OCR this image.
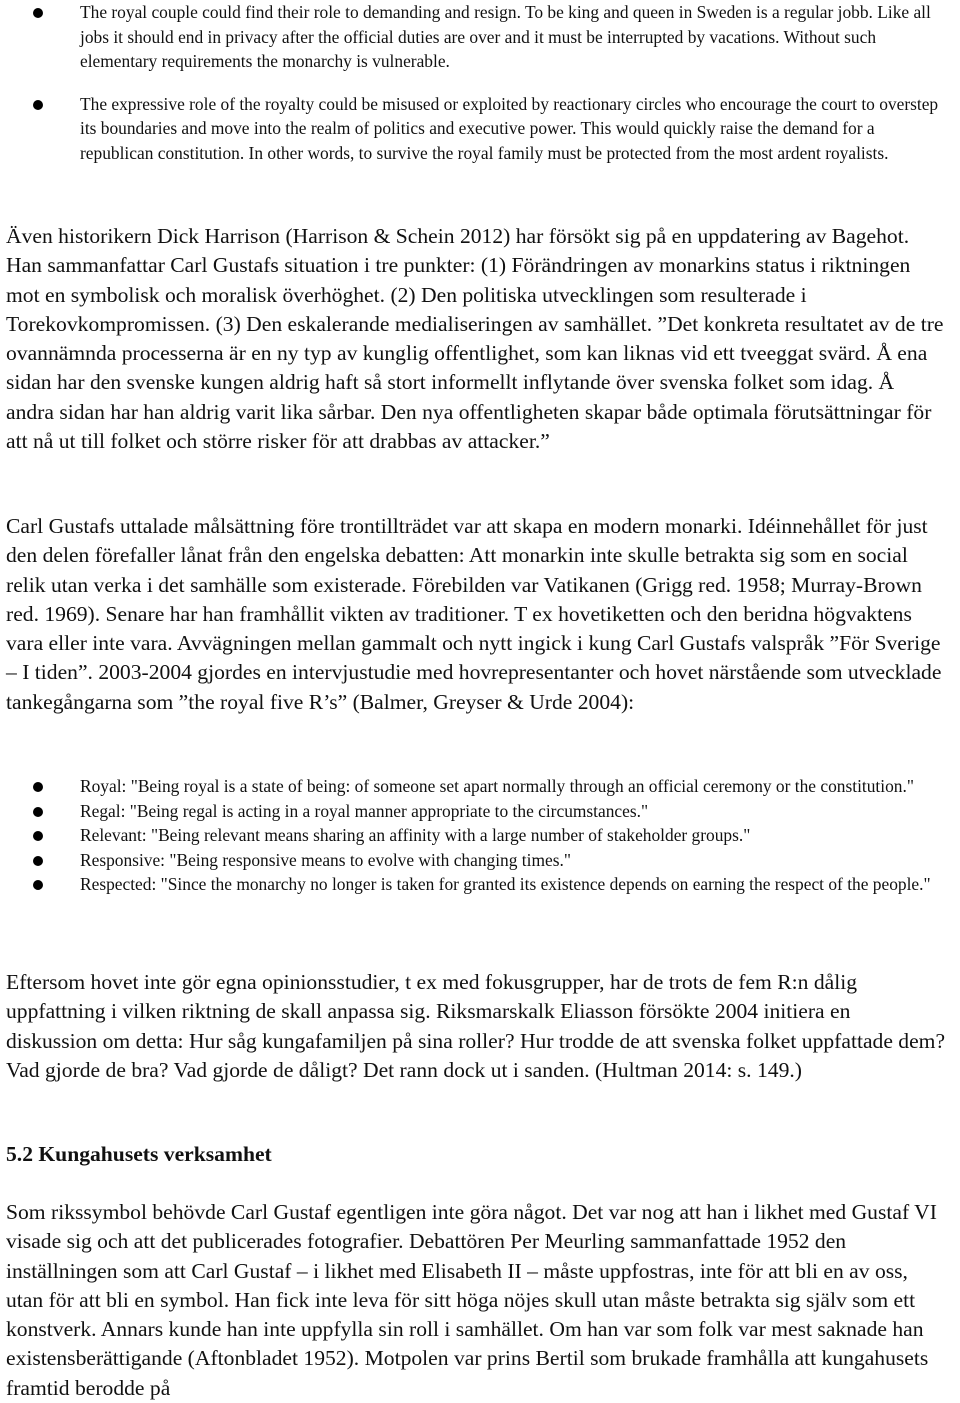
The royal couple could find their role to demanding and resign. To be king and queen in Sweden is a regular jobb. Like all jobs it should end in privacy after the official duties are over and it must be interrupted by vacations. Without such elementary requirements the monarchy is vulnerable.
The expressive role of the royalty could be misused or exploited by reactionary circles who encourage the court to overstep its boundaries and move into the realm of politics and executive power. This would quickly raise the demand for a republican constitution. In other words, to survive the royal family must be protected from the most ardent royalists.

Även historikern Dick Harrison (Harrison & Schein 2012) har försökt sig på en uppdatering av Bagehot. Han sammanfattar Carl Gustafs situation i tre punkter: (1) Förändringen av monarkins status i riktningen mot en symbolisk och moralisk överhöghet. (2) Den politiska utvecklingen som resulterade i Torekovkompromissen. (3) Den eskalerande medialiseringen av samhället. ”Det konkreta resultatet av de tre ovannämnda processerna är en ny typ av kunglig offentlighet, som kan liknas vid ett tveeggat svärd. Å ena sidan har den svenske kungen aldrig haft så stort informellt inflytande över svenska folket som idag. Å andra sidan har han aldrig varit lika sårbar. Den nya offentligheten skapar både optimala förutsättningar för att nå ut till folket och större risker för att drabbas av attacker.”

Carl Gustafs uttalade målsättning före trontillträdet var att skapa en modern monarki. Idéinnehållet för just den delen förefaller lånat från den engelska debatten: Att monarkin inte skulle betrakta sig som en social relik utan verka i det samhälle som existerade. Förebilden var Vatikanen (Grigg red. 1958; Murray-Brown red. 1969). Senare har han framhållit vikten av traditioner. T ex hovetiketten och den beridna högvaktens vara eller inte vara. Avvägningen mellan gammalt och nytt ingick i kung Carl Gustafs valspråk ”För Sverige – I tiden”. 2003-2004 gjordes en intervjustudie med hovrepresentanter och hovet närstående som utvecklade tankegångarna som ”the royal five R’s” (Balmer, Greyser & Urde 2004):

Royal: "Being royal is a state of being: of someone set apart normally through an official ceremony or the constitution."
Regal: "Being regal is acting in a royal manner appropriate to the circumstances."
Relevant: "Being relevant means sharing an affinity with a large number of stakeholder groups."
Responsive: "Being responsive means to evolve with changing times."
Respected: "Since the monarchy no longer is taken for granted its existence depends on earning the respect of the people."

Eftersom hovet inte gör egna opinionsstudier, t ex med fokusgrupper, har de trots de fem R:n dålig uppfattning i vilken riktning de skall anpassa sig. Riksmarskalk Eliasson försökte 2004 initiera en diskussion om detta: Hur såg kungafamiljen på sina roller? Hur trodde de att svenska folket uppfattade dem? Vad gjorde de bra? Vad gjorde de dåligt? Det rann dock ut i sanden. (Hultman 2014: s. 149.)

5.2 Kungahusets verksamhet

Som rikssymbol behövde Carl Gustaf egentligen inte göra något. Det var nog att han i likhet med Gustaf VI visade sig och att det publicerades fotografier. Debattören Per Meurling sammanfattade 1952 den inställningen som att Carl Gustaf – i likhet med Elisabeth II – måste uppfostras, inte för att bli en av oss, utan för att bli en symbol. Han fick inte leva för sitt höga nöjes skull utan måste betrakta sig själv som ett konstverk. Annars kunde han inte uppfylla sin roll i samhället. Om han var som folk var mest saknade han existensberättigande (Aftonbladet 1952). Motpolen var prins Bertil som brukade framhålla att kungahusets framtid berodde på
